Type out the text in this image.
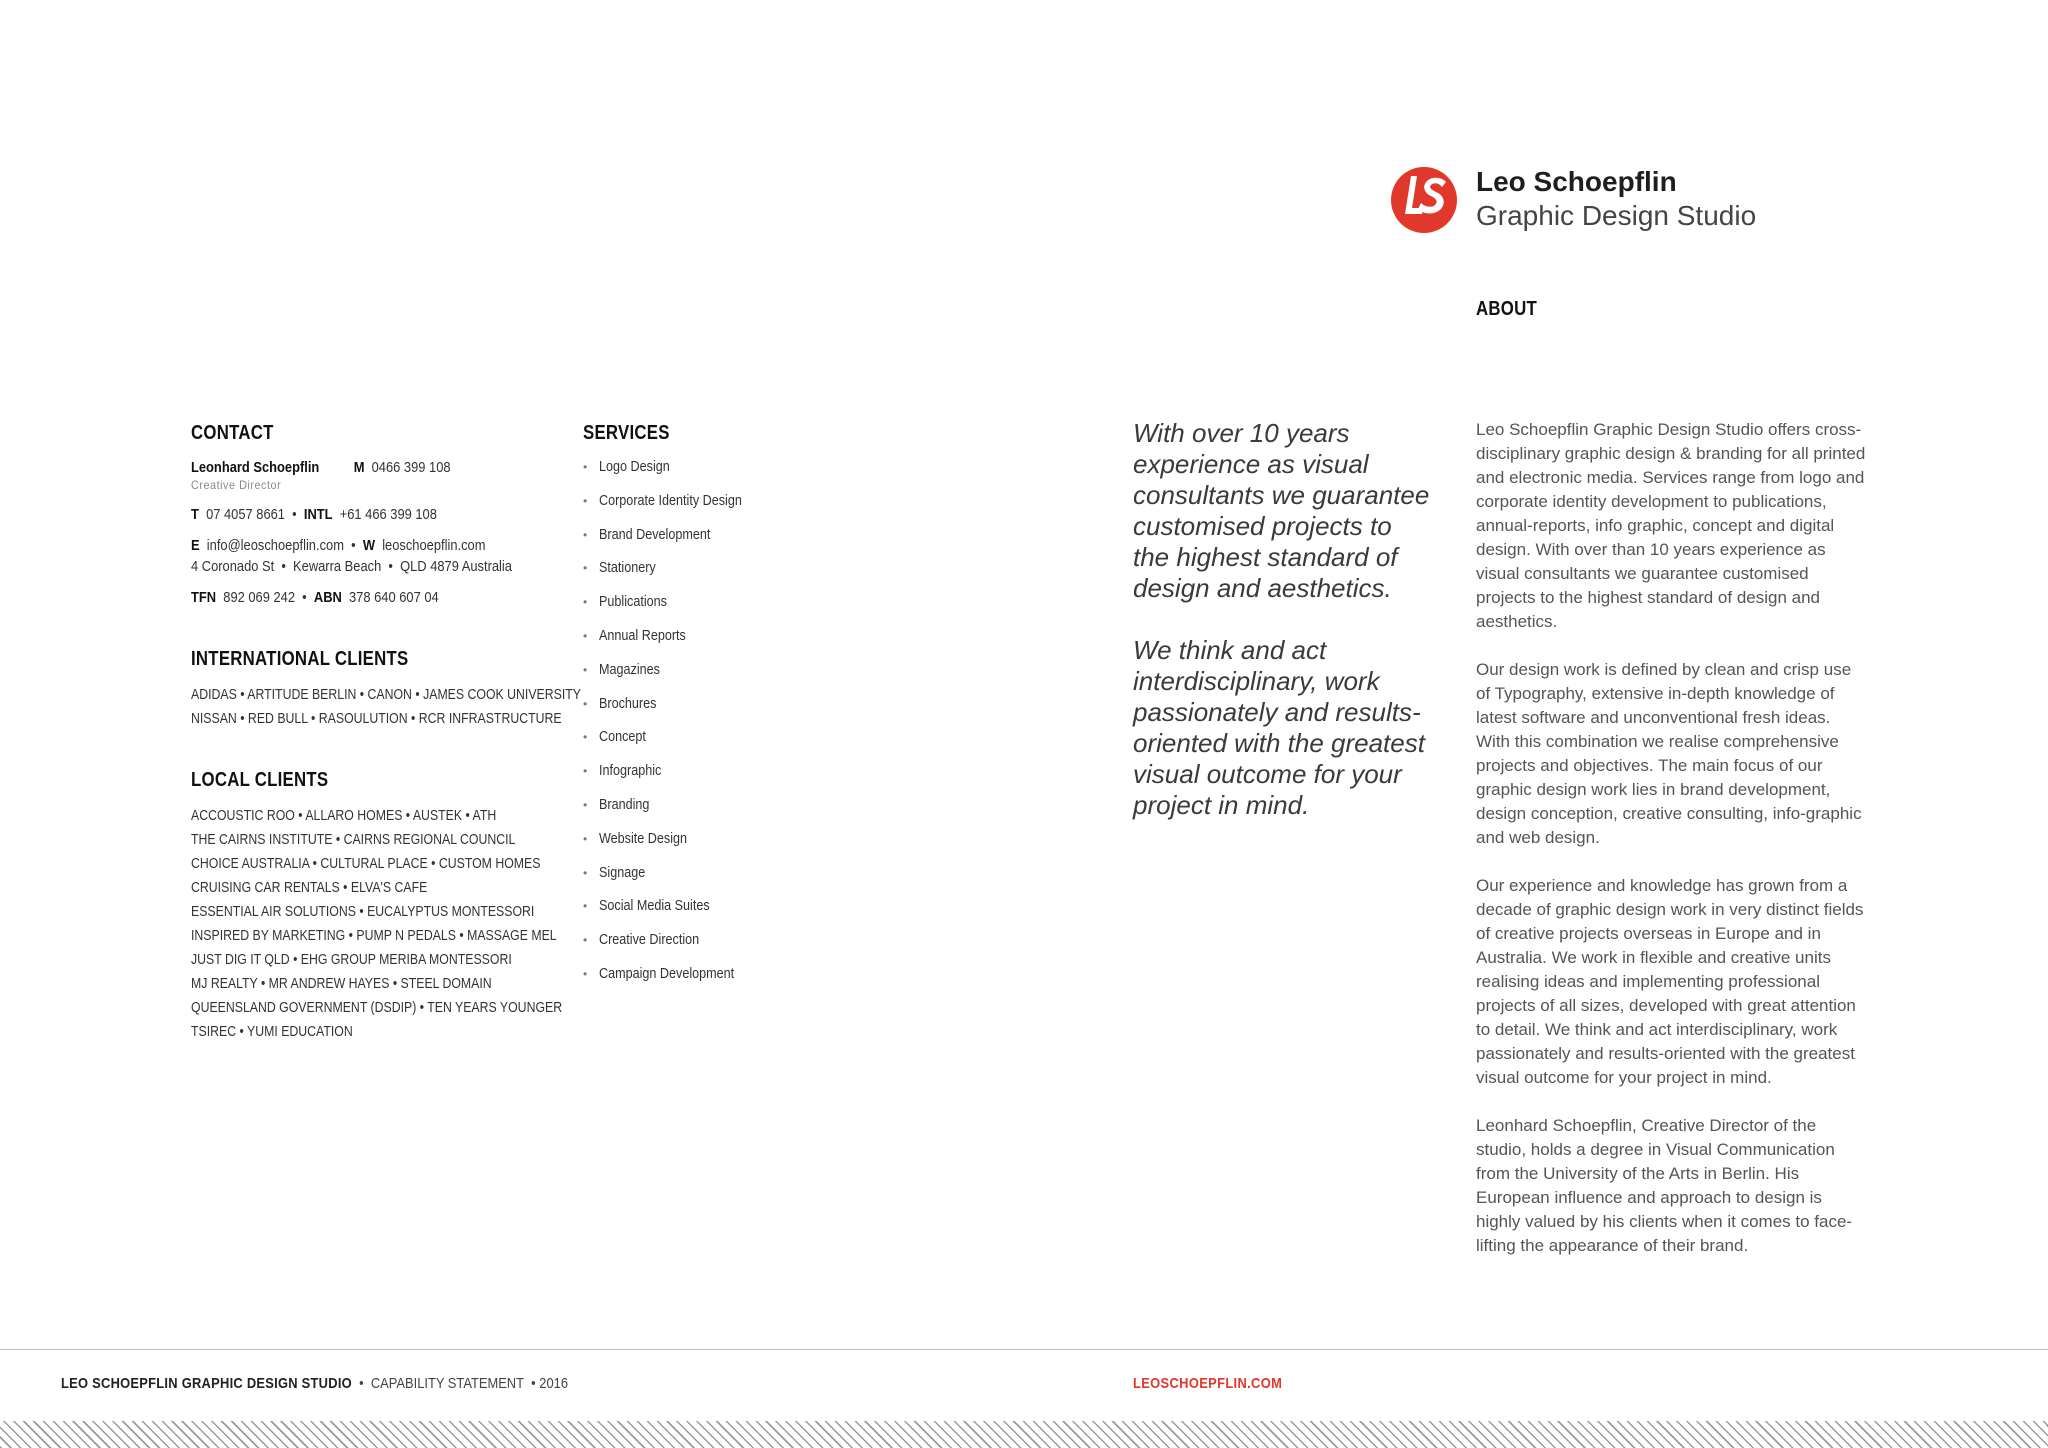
Leo Schoepflin
Graphic Design Studio
ABOUT
CONTACT
Leonhard Schoepflin M 0466 399 108
Creative Director
T 07 4057 8661 • INTL +61 466 399 108
E info@leoschoepflin.com • W leoschoepflin.com
4 Coronado St  •  Kewarra Beach  •  QLD 4879 Australia
TFN 892 069 242 • ABN 378 640 607 04
INTERNATIONAL CLIENTS
ADIDAS • ARTITUDE BERLIN • CANON • JAMES COOK UNIVERSITY
NISSAN • RED BULL • RASOULUTION • RCR INFRASTRUCTURE
LOCAL CLIENTS
ACCOUSTIC ROO • ALLARO HOMES • AUSTEK • ATH
THE CAIRNS INSTITUTE • CAIRNS REGIONAL COUNCIL
CHOICE AUSTRALIA • CULTURAL PLACE • CUSTOM HOMES
CRUISING CAR RENTALS • ELVA'S CAFE
ESSENTIAL AIR SOLUTIONS • EUCALYPTUS MONTESSORI
INSPIRED BY MARKETING • PUMP N PEDALS • MASSAGE MEL
JUST DIG IT QLD • EHG GROUP MERIBA MONTESSORI
MJ REALTY • MR ANDREW HAYES • STEEL DOMAIN
QUEENSLAND GOVERNMENT (DSDIP) • TEN YEARS YOUNGER
TSIREC • YUMI EDUCATION
SERVICES
• Logo Design
• Corporate Identity Design
• Brand Development
• Stationery
• Publications
• Annual Reports
• Magazines
• Brochures
• Concept
• Infographic
• Branding
• Website Design
• Signage
• Social Media Suites
• Creative Direction
• Campaign Development

With over 10 years experience as visual consultants we guarantee customised projects to the highest standard of design and aesthetics.

We think and act interdisciplinary, work passionately and results-oriented with the greatest visual outcome for your project in mind.

Leo Schoepflin Graphic Design Studio offers cross-disciplinary graphic design & branding for all printed and electronic media. Services range from logo and corporate identity development to publications, annual-reports, info graphic, concept and digital design. With over than 10 years experience as visual consultants we guarantee customised projects to the highest standard of design and aesthetics.

Our design work is defined by clean and crisp use of Typography, extensive in-depth knowledge of latest software and unconventional fresh ideas. With this combination we realise comprehensive projects and objectives. The main focus of our graphic design work lies in brand development, design conception, creative consulting, info-graphic and web design.

Our experience and knowledge has grown from a decade of graphic design work in very distinct fields of creative projects overseas in Europe and in Australia. We work in flexible and creative units realising ideas and implementing professional projects of all sizes, developed with great attention to detail. We think and act interdisciplinary, work passionately and results-oriented with the greatest visual outcome for your project in mind.

Leonhard Schoepflin, Creative Director of the studio, holds a degree in Visual Communication from the University of the Arts in Berlin. His European influence and approach to design is highly valued by his clients when it comes to face-lifting the appearance of their brand.

LEO SCHOEPFLIN GRAPHIC DESIGN STUDIO • CAPABILITY STATEMENT • 2016	LEOSCHOEPFLIN.COM
